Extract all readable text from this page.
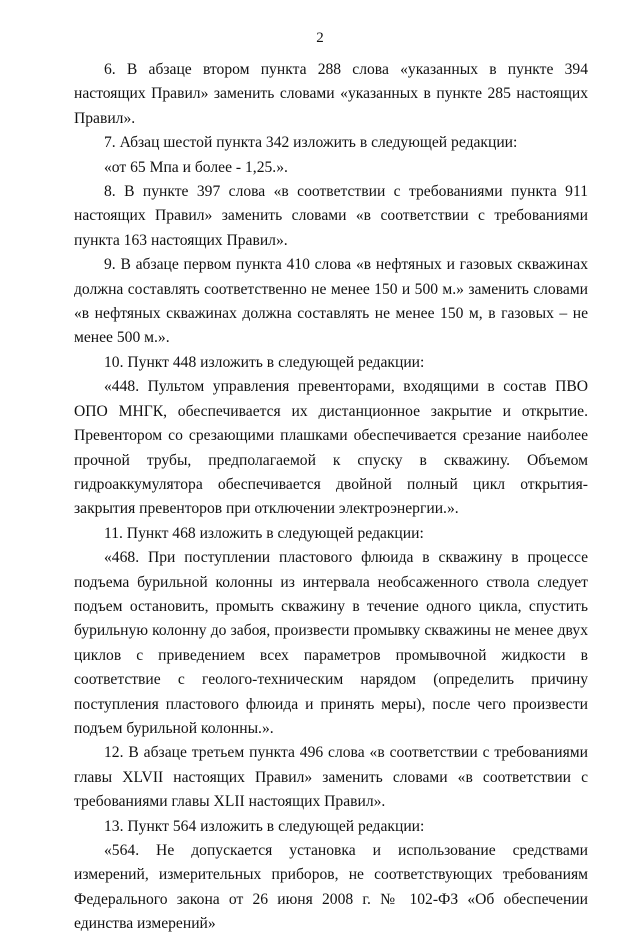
2

6. В абзаце втором пункта 288 слова «указанных в пункте 394 настоящих Правил» заменить словами «указанных в пункте 285 настоящих Правил».

7. Абзац шестой пункта 342 изложить в следующей редакции:

«от 65 Мпа и более - 1,25.».

8. В пункте 397 слова «в соответствии с требованиями пункта 911 настоящих Правил» заменить словами «в соответствии с требованиями пункта 163 настоящих Правил».

9. В абзаце первом пункта 410 слова «в нефтяных и газовых скважинах должна составлять соответственно не менее 150 и 500 м.» заменить словами «в нефтяных скважинах должна составлять не менее 150 м, в газовых – не менее 500 м.».

10. Пункт 448 изложить в следующей редакции:

«448. Пультом управления превенторами, входящими в состав ПВО ОПО МНГК, обеспечивается их дистанционное закрытие и открытие. Превентором со срезающими плашками обеспечивается срезание наиболее прочной трубы, предполагаемой к спуску в скважину. Объемом гидроаккумулятора обеспечивается двойной полный цикл открытия-закрытия превенторов при отключении электроэнергии.».

11. Пункт 468 изложить в следующей редакции:

«468. При поступлении пластового флюида в скважину в процессе подъема бурильной колонны из интервала необсаженного ствола следует подъем остановить, промыть скважину в течение одного цикла, спустить бурильную колонну до забоя, произвести промывку скважины не менее двух циклов с приведением всех параметров промывочной жидкости в соответствие с геолого-техническим нарядом (определить причину поступления пластового флюида и принять меры), после чего произвести подъем бурильной колонны.».

12. В абзаце третьем пункта 496 слова «в соответствии с требованиями главы XLVII настоящих Правил» заменить словами «в соответствии с требованиями главы XLII настоящих Правил».

13. Пункт 564 изложить в следующей редакции:

«564. Не допускается установка и использование средствами измерений, измерительных приборов, не соответствующих требованиям Федерального закона от 26 июня 2008 г. № 102-ФЗ «Об обеспечении единства измерений»
